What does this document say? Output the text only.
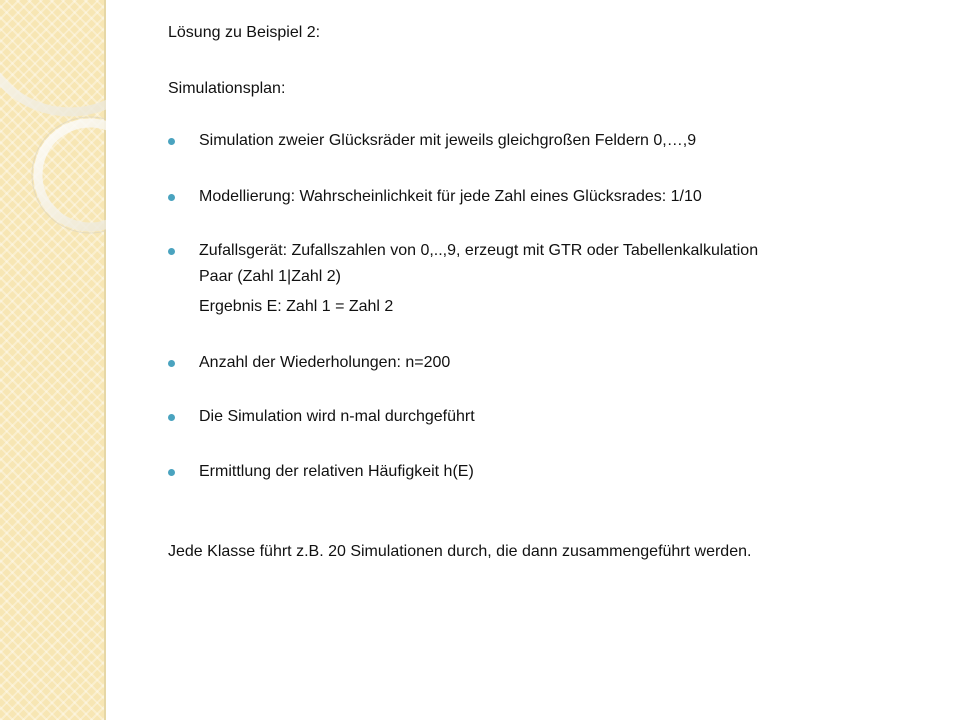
Lösung zu Beispiel 2:
Simulationsplan:
Simulation zweier Glücksräder mit jeweils gleichgroßen Feldern 0,…,9
Modellierung: Wahrscheinlichkeit für jede Zahl eines Glücksrades: 1/10
Zufallsgerät: Zufallszahlen von 0,..,9, erzeugt mit GTR oder Tabellenkalkulation
Paar (Zahl 1|Zahl 2)
Ergebnis E: Zahl 1 = Zahl 2
Anzahl der Wiederholungen: n=200
Die Simulation wird n-mal durchgeführt
Ermittlung der relativen Häufigkeit h(E)
Jede Klasse führt z.B. 20 Simulationen durch, die dann zusammengeführt werden.
